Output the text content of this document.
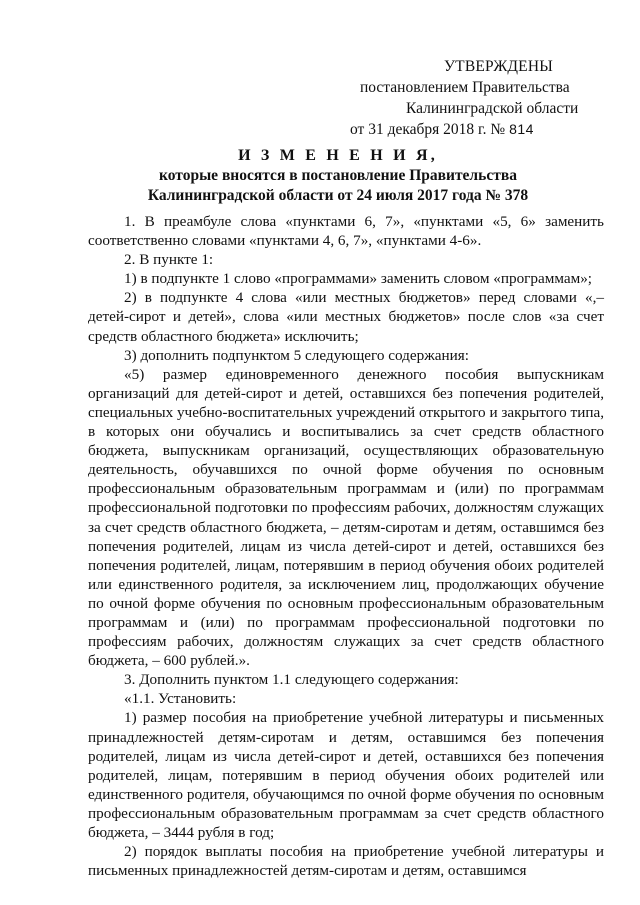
УТВЕРЖДЕНЫ
постановлением Правительства
Калининградской области
от 31 декабря 2018 г. № 814
И З М Е Н Е Н И Я,
которые вносятся в постановление Правительства
Калининградской области от 24 июля 2017 года № 378

1. В преамбуле слова «пунктами 6, 7», «пунктами «5, 6» заменить соответственно словами «пунктами 4, 6, 7», «пунктами 4-6».

2. В пункте 1:

1) в подпункте 1 слово «программами» заменить словом «программам»;

2) в подпункте 4 слова «или местных бюджетов» перед словами «,– детей-сирот и детей», слова «или местных бюджетов» после слов «за счет средств областного бюджета» исключить;

3) дополнить подпунктом 5 следующего содержания:

«5) размер единовременного денежного пособия выпускникам организаций для детей-сирот и детей, оставшихся без попечения родителей, специальных учебно-воспитательных учреждений открытого и закрытого типа, в которых они обучались и воспитывались за счет средств областного бюджета, выпускникам организаций, осуществляющих образовательную деятельность, обучавшихся по очной форме обучения по основным профессиональным образовательным программам и (или) по программам профессиональной подготовки по профессиям рабочих, должностям служащих за счет средств областного бюджета, – детям-сиротам и детям, оставшимся без попечения родителей, лицам из числа детей-сирот и детей, оставшихся без попечения родителей, лицам, потерявшим в период обучения обоих родителей или единственного родителя, за исключением лиц, продолжающих обучение по очной форме обучения по основным профессиональным образовательным программам и (или) по программам профессиональной подготовки по профессиям рабочих, должностям служащих за счет средств областного бюджета, – 600 рублей.».

3. Дополнить пунктом 1.1 следующего содержания:

«1.1. Установить:

1) размер пособия на приобретение учебной литературы и письменных принадлежностей детям-сиротам и детям, оставшимся без попечения родителей, лицам из числа детей-сирот и детей, оставшихся без попечения родителей, лицам, потерявшим в период обучения обоих родителей или единственного родителя, обучающимся по очной форме обучения по основным профессиональным образовательным программам за счет средств областного бюджета, – 3444 рубля в год;

2) порядок выплаты пособия на приобретение учебной литературы и письменных принадлежностей детям-сиротам и детям, оставшимся
